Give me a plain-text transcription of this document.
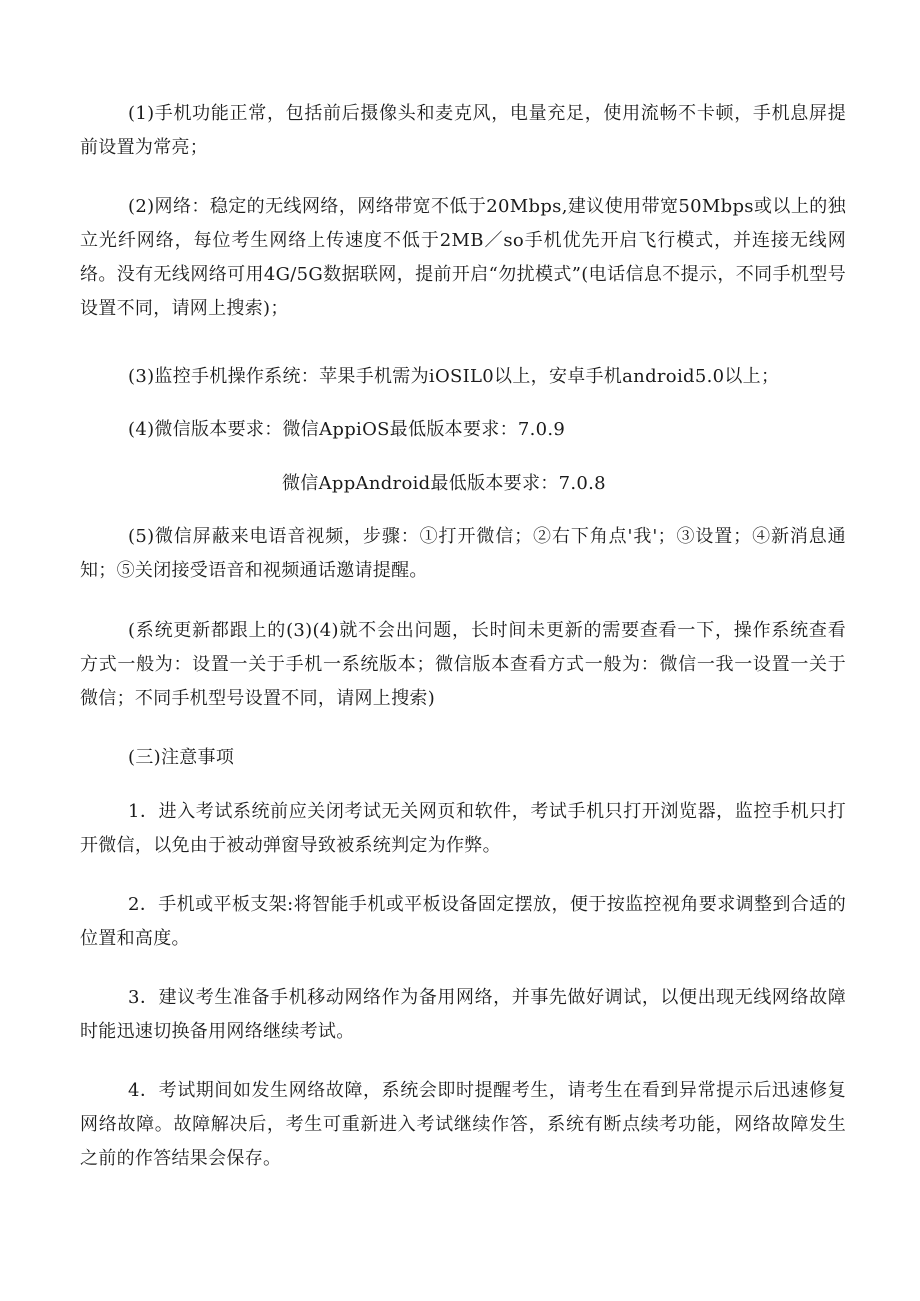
(1)手机功能正常，包括前后摄像头和麦克风，电量充足，使用流畅不卡顿，手机息屏提前设置为常亮；

(2)网络：稳定的无线网络，网络带宽不低于20Mbps,建议使用带宽50Mbps或以上的独立光纤网络，每位考生网络上传速度不低于2MB／so手机优先开启飞行模式，并连接无线网络。没有无线网络可用4G/5G数据联网，提前开启“勿扰模式”(电话信息不提示，不同手机型号设置不同，请网上搜索)；

(3)监控手机操作系统：苹果手机需为iOSIL0以上，安卓手机android5.0以上；

(4)微信版本要求：微信AppiOS最低版本要求：7.0.9

微信AppAndroid最低版本要求：7.0.8

(5)微信屏蔽来电语音视频，步骤：①打开微信；②右下角点'我'；③设置；④新消息通知；⑤关闭接受语音和视频通话邀请提醒。

(系统更新都跟上的(3)(4)就不会出问题，长时间未更新的需要查看一下，操作系统查看方式一般为：设置一关于手机一系统版本；微信版本查看方式一般为：微信一我一设置一关于微信；不同手机型号设置不同，请网上搜索)

(三)注意事项

1．进入考试系统前应关闭考试无关网页和软件，考试手机只打开浏览器，监控手机只打开微信，以免由于被动弹窗导致被系统判定为作弊。

2．手机或平板支架:将智能手机或平板设备固定摆放，便于按监控视角要求调整到合适的位置和高度。

3．建议考生准备手机移动网络作为备用网络，并事先做好调试，以便出现无线网络故障时能迅速切换备用网络继续考试。

4．考试期间如发生网络故障，系统会即时提醒考生，请考生在看到异常提示后迅速修复网络故障。故障解决后，考生可重新进入考试继续作答，系统有断点续考功能，网络故障发生之前的作答结果会保存。
